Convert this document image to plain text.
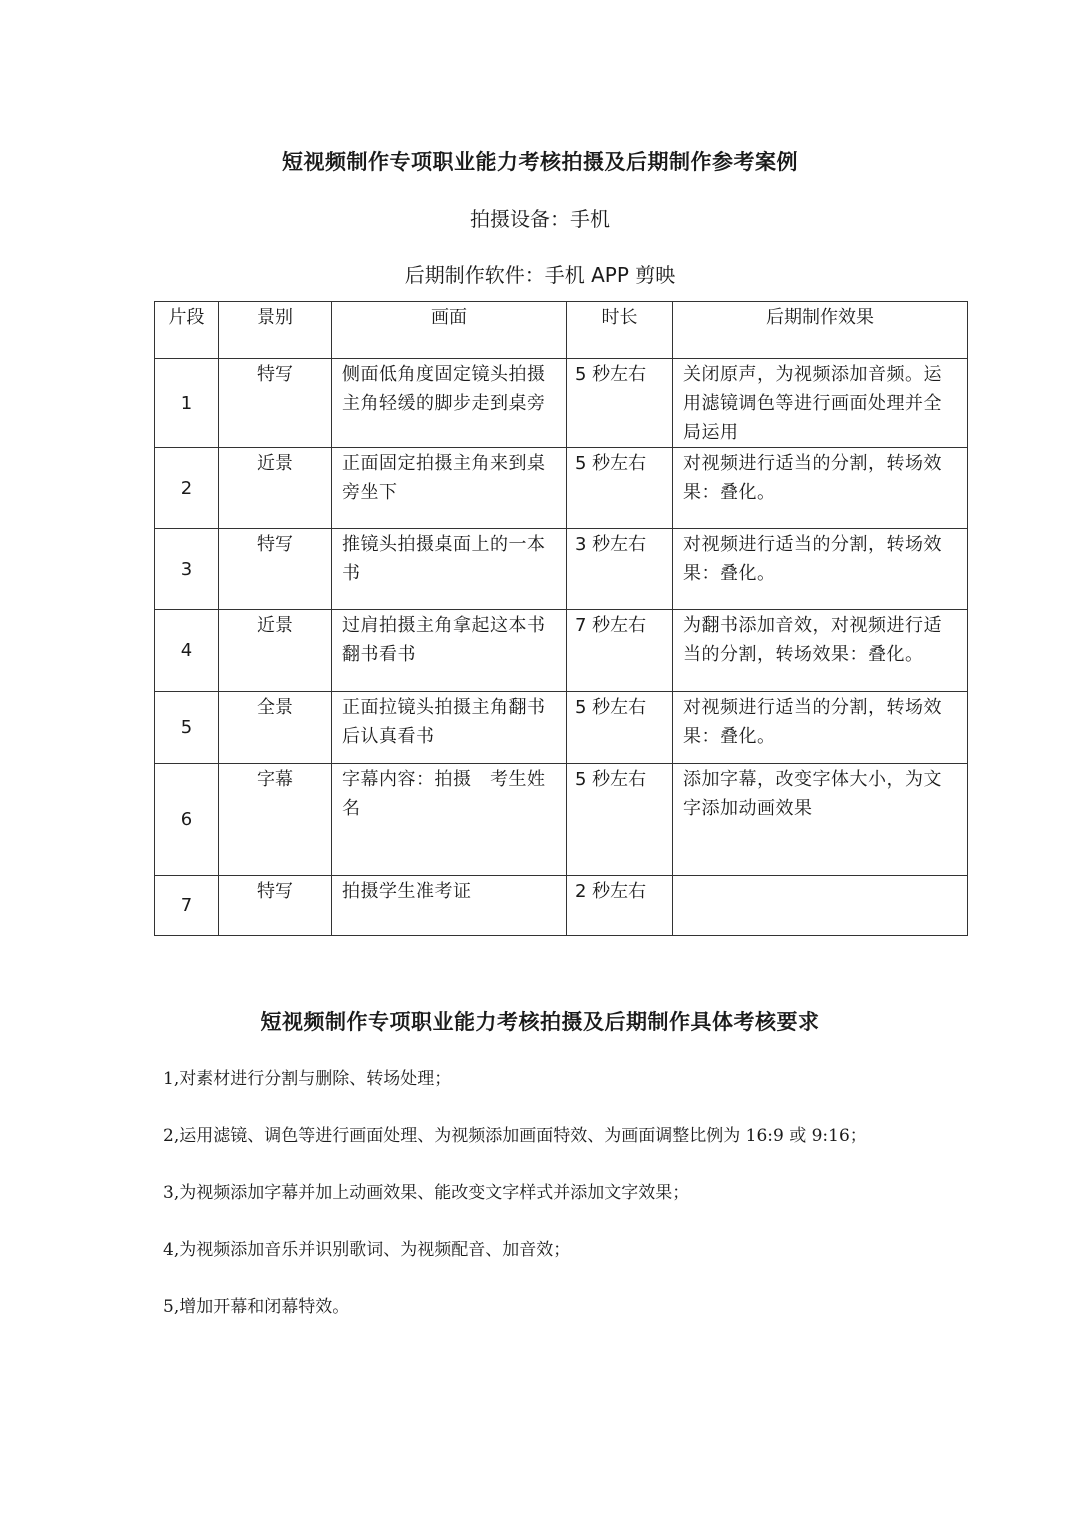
短视频制作专项职业能力考核拍摄及后期制作参考案例
拍摄设备：手机
后期制作软件：手机 APP 剪映
片段	景别	画面	时长	后期制作效果
1	特写	侧面低角度固定镜头拍摄主角轻缓的脚步走到桌旁	5 秒左右	关闭原声，为视频添加音频。运用滤镜调色等进行画面处理并全局运用
2	近景	正面固定拍摄主角来到桌旁坐下	5 秒左右	对视频进行适当的分割，转场效果：叠化。
3	特写	推镜头拍摄桌面上的一本书	3 秒左右	对视频进行适当的分割，转场效果：叠化。
4	近景	过肩拍摄主角拿起这本书翻书看书	7 秒左右	为翻书添加音效，对视频进行适当的分割，转场效果：叠化。
5	全景	正面拉镜头拍摄主角翻书后认真看书	5 秒左右	对视频进行适当的分割，转场效果：叠化。
6	字幕	字幕内容：拍摄　考生姓名	5 秒左右	添加字幕，改变字体大小，为文字添加动画效果
7	特写	拍摄学生准考证	2 秒左右	
短视频制作专项职业能力考核拍摄及后期制作具体考核要求
1,对素材进行分割与删除、转场处理；
2,运用滤镜、调色等进行画面处理、为视频添加画面特效、为画面调整比例为 16:9 或 9:16；
3,为视频添加字幕并加上动画效果、能改变文字样式并添加文字效果；
4,为视频添加音乐并识别歌词、为视频配音、加音效；
5,增加开幕和闭幕特效。
